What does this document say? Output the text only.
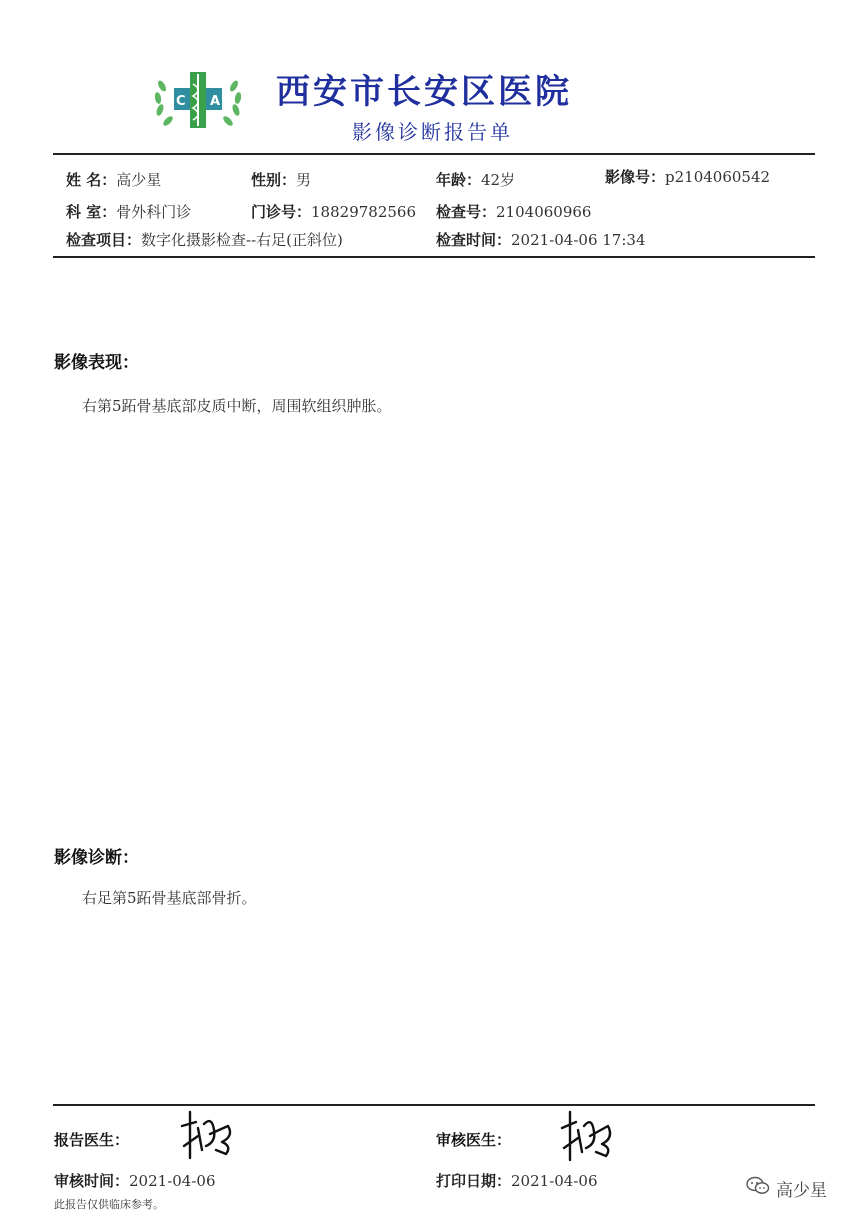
C A 西安市长安区医院
影像诊断报告单
姓 名：高少星	性别：男	年龄：42岁	影像号：p2104060542
科 室：骨外科门诊	门诊号：18829782566 检查号：2104060966
检查项目：数字化摄影检查--右足(正斜位)	检查时间：2021-04-06 17:34
影像表现：
右第5跖骨基底部皮质中断，周围软组织肿胀。
影像诊断：
右足第5跖骨基底部骨折。
报告医生：	审核医生：
审核时间：2021-04-06	打印日期：2021-04-06
此报告仅供临床参考。
高少星
